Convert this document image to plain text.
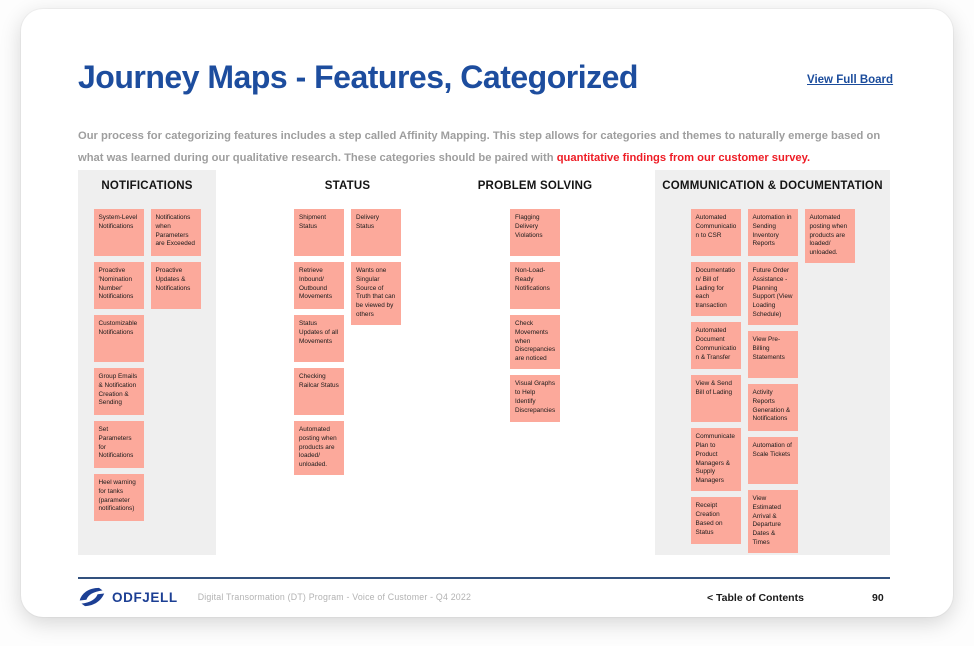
Journey Maps - Features, Categorized	View Full Board
Our process for categorizing features includes a step called Affinity Mapping. This step allows for categories and themes to naturally emerge based on
what was learned during our qualitative research. These categories should be paired with quantitative findings from our customer survey.
NOTIFICATIONS
System-Level Notifications
Proactive 'Nomination Number' Notifications
Customizable Notifications
Group Emails & Notification Creation & Sending
Set Parameters for Notifications
Heel warning for tanks (parameter notifications)
Notifications when Parameters are Exceeded
Proactive Updates & Notifications
STATUS
Shipment Status
Retrieve Inbound/ Outbound Movements
Status Updates of all Movements
Checking Railcar Status
Automated posting when products are loaded/ unloaded.
Delivery Status
Wants one Singular Source of Truth that can be viewed by others
PROBLEM SOLVING
Flagging Delivery Violations
Non-Load-Ready Notifications
Check Movements when Discrepancies are noticed
Visual Graphs to Help Identify Discrepancies
COMMUNICATION & DOCUMENTATION
Automated Communication to CSR
Documentation/ Bill of Lading for each transaction
Automated Document Communication & Transfer
View & Send Bill of Lading
Communicate Plan to Product Managers & Supply Managers
Receipt Creation Based on Status
Automation in Sending Inventory Reports
Future Order Assistance - Planning Support (View Loading Schedule)
View Pre-Billing Statements
Activity Reports Generation & Notifications
Automation of Scale Tickets
View Estimated Arrival & Departure Dates & Times
Automated posting when products are loaded/ unloaded.
ODFJELL Digital Transormation (DT) Program - Voice of Customer - Q4 2022	< Table of Contents	90
